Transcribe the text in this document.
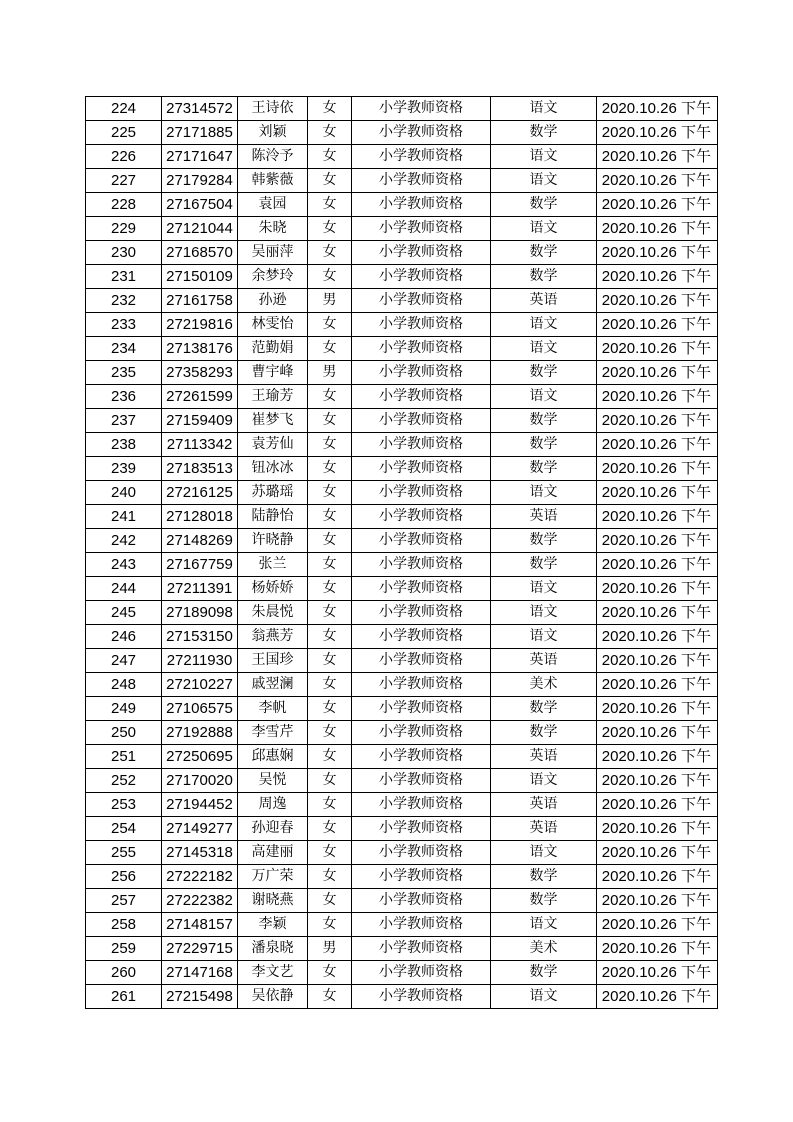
224	27314572	王诗依	女	小学教师资格	语文	2020.10.26 下午
225	27171885	刘颖	女	小学教师资格	数学	2020.10.26 下午
226	27171647	陈泠予	女	小学教师资格	语文	2020.10.26 下午
227	27179284	韩紫薇	女	小学教师资格	语文	2020.10.26 下午
228	27167504	袁园	女	小学教师资格	数学	2020.10.26 下午
229	27121044	朱晓	女	小学教师资格	语文	2020.10.26 下午
230	27168570	吴丽萍	女	小学教师资格	数学	2020.10.26 下午
231	27150109	余梦玲	女	小学教师资格	数学	2020.10.26 下午
232	27161758	孙逊	男	小学教师资格	英语	2020.10.26 下午
233	27219816	林雯怡	女	小学教师资格	语文	2020.10.26 下午
234	27138176	范勤娟	女	小学教师资格	语文	2020.10.26 下午
235	27358293	曹宇峰	男	小学教师资格	数学	2020.10.26 下午
236	27261599	王瑜芳	女	小学教师资格	语文	2020.10.26 下午
237	27159409	崔梦飞	女	小学教师资格	数学	2020.10.26 下午
238	27113342	袁芳仙	女	小学教师资格	数学	2020.10.26 下午
239	27183513	钮冰冰	女	小学教师资格	数学	2020.10.26 下午
240	27216125	苏璐瑶	女	小学教师资格	语文	2020.10.26 下午
241	27128018	陆静怡	女	小学教师资格	英语	2020.10.26 下午
242	27148269	许晓静	女	小学教师资格	数学	2020.10.26 下午
243	27167759	张兰	女	小学教师资格	数学	2020.10.26 下午
244	27211391	杨娇娇	女	小学教师资格	语文	2020.10.26 下午
245	27189098	朱晨悦	女	小学教师资格	语文	2020.10.26 下午
246	27153150	翁燕芳	女	小学教师资格	语文	2020.10.26 下午
247	27211930	王国珍	女	小学教师资格	英语	2020.10.26 下午
248	27210227	戚翌澜	女	小学教师资格	美术	2020.10.26 下午
249	27106575	李帆	女	小学教师资格	数学	2020.10.26 下午
250	27192888	李雪芹	女	小学教师资格	数学	2020.10.26 下午
251	27250695	邱惠娴	女	小学教师资格	英语	2020.10.26 下午
252	27170020	吴悦	女	小学教师资格	语文	2020.10.26 下午
253	27194452	周逸	女	小学教师资格	英语	2020.10.26 下午
254	27149277	孙迎春	女	小学教师资格	英语	2020.10.26 下午
255	27145318	高建丽	女	小学教师资格	语文	2020.10.26 下午
256	27222182	万广荣	女	小学教师资格	数学	2020.10.26 下午
257	27222382	谢晓燕	女	小学教师资格	数学	2020.10.26 下午
258	27148157	李颖	女	小学教师资格	语文	2020.10.26 下午
259	27229715	潘泉晓	男	小学教师资格	美术	2020.10.26 下午
260	27147168	李文艺	女	小学教师资格	数学	2020.10.26 下午
261	27215498	吴依静	女	小学教师资格	语文	2020.10.26 下午
